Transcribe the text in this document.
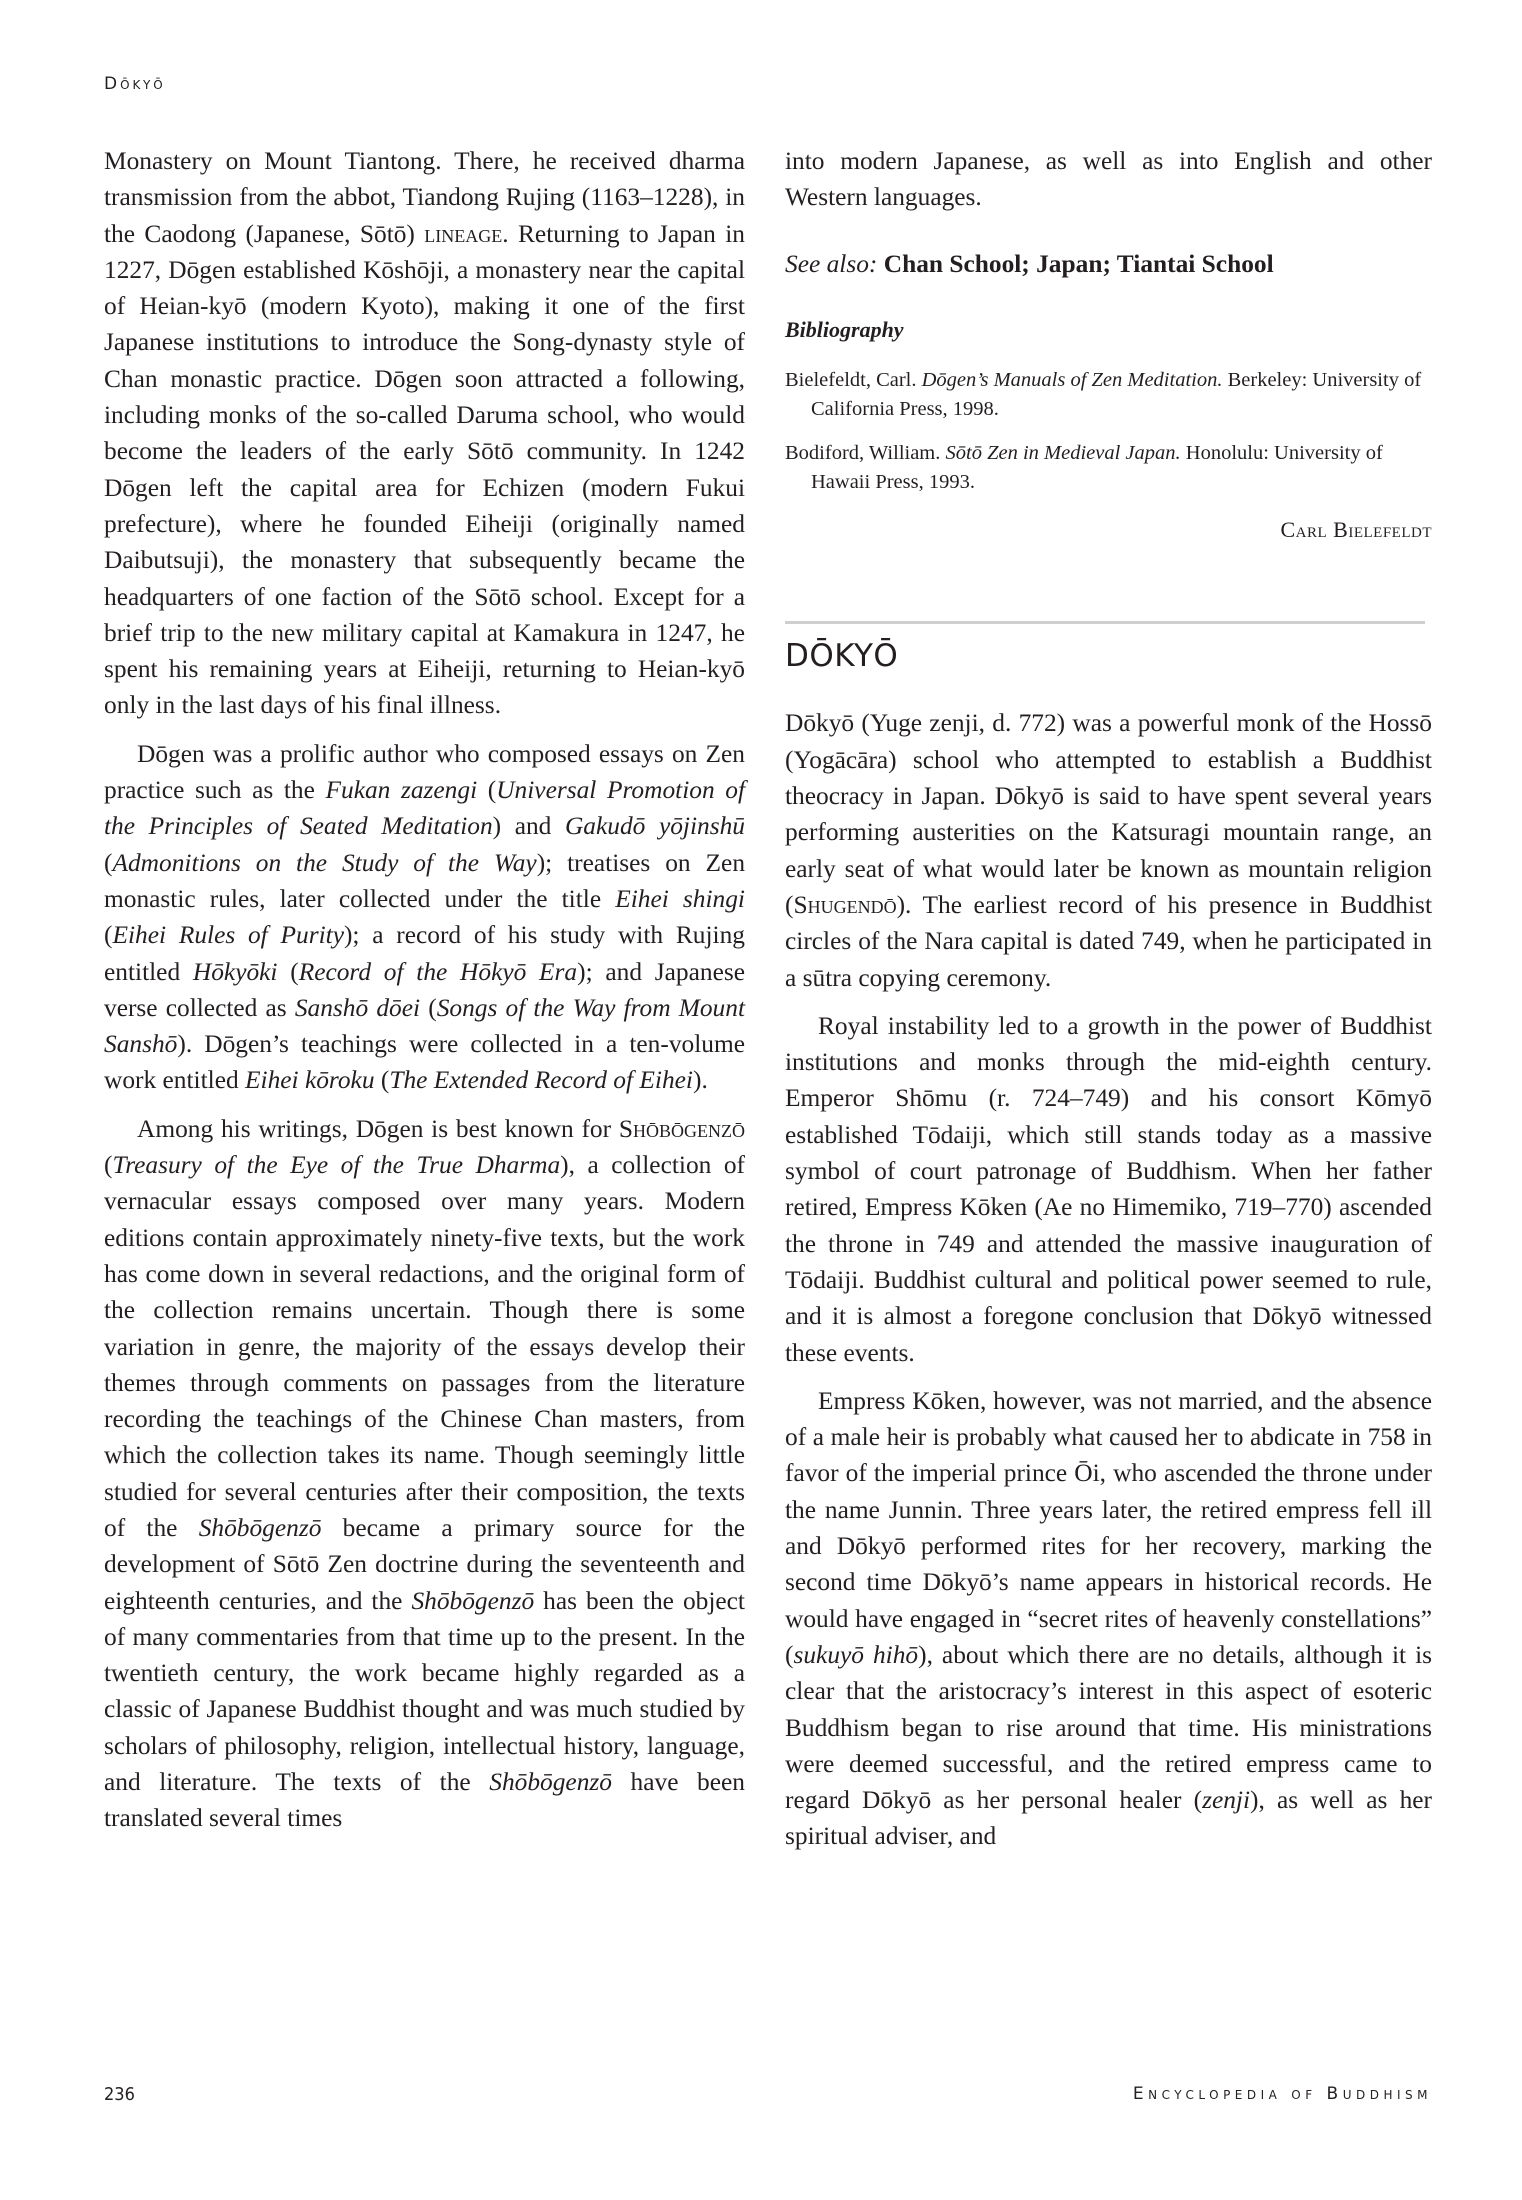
Dōkyō

Monastery on Mount Tiantong. There, he received dharma transmission from the abbot, Tiandong Rujing (1163–1228), in the Caodong (Japanese, Sōtō) lineage. Returning to Japan in 1227, Dōgen established Kōshōji, a monastery near the capital of Heian-kyō (modern Kyoto), making it one of the first Japanese institutions to introduce the Song-dynasty style of Chan monastic practice. Dōgen soon attracted a following, including monks of the so-called Daruma school, who would become the leaders of the early Sōtō community. In 1242 Dōgen left the capital area for Echizen (modern Fukui prefecture), where he founded Eiheiji (originally named Daibutsuji), the monastery that subsequently became the headquarters of one faction of the Sōtō school. Except for a brief trip to the new military capital at Kamakura in 1247, he spent his remaining years at Eiheiji, returning to Heian-kyō only in the last days of his final illness.

Dōgen was a prolific author who composed essays on Zen practice such as the Fukan zazengi (Universal Promotion of the Principles of Seated Meditation) and Gakudō yōjinshū (Admonitions on the Study of the Way); treatises on Zen monastic rules, later collected under the title Eihei shingi (Eihei Rules of Purity); a record of his study with Rujing entitled Hōkyōki (Record of the Hōkyō Era); and Japanese verse collected as Sanshō dōei (Songs of the Way from Mount Sanshō). Dōgen’s teachings were collected in a ten-volume work entitled Eihei kōroku (The Extended Record of Eihei).

Among his writings, Dōgen is best known for Shōbōgenzō (Treasury of the Eye of the True Dharma), a collection of vernacular essays composed over many years. Modern editions contain approximately ninety-five texts, but the work has come down in several redactions, and the original form of the collection remains uncertain. Though there is some variation in genre, the majority of the essays develop their themes through comments on passages from the literature recording the teachings of the Chinese Chan masters, from which the collection takes its name. Though seemingly little studied for several centuries after their composition, the texts of the Shōbōgenzō became a primary source for the development of Sōtō Zen doctrine during the seventeenth and eighteenth centuries, and the Shōbōgenzō has been the object of many commentaries from that time up to the present. In the twentieth century, the work became highly regarded as a classic of Japanese Buddhist thought and was much studied by scholars of philosophy, religion, intellectual history, language, and literature. The texts of the Shōbōgenzō have been translated several times

into modern Japanese, as well as into English and other Western languages.

See also: Chan School; Japan; Tiantai School

Bibliography

Bielefeldt, Carl. Dōgen’s Manuals of Zen Meditation. Berkeley: University of California Press, 1998.

Bodiford, William. Sōtō Zen in Medieval Japan. Honolulu: University of Hawaii Press, 1993.

Carl Bielefeldt

DŌKYŌ

Dōkyō (Yuge zenji, d. 772) was a powerful monk of the Hossō (Yogācāra) school who attempted to establish a Buddhist theocracy in Japan. Dōkyō is said to have spent several years performing austerities on the Katsuragi mountain range, an early seat of what would later be known as mountain religion (Shugendō). The earliest record of his presence in Buddhist circles of the Nara capital is dated 749, when he participated in a sūtra copying ceremony.

Royal instability led to a growth in the power of Buddhist institutions and monks through the mid-eighth century. Emperor Shōmu (r. 724–749) and his consort Kōmyō established Tōdaiji, which still stands today as a massive symbol of court patronage of Buddhism. When her father retired, Empress Kōken (Ae no Himemiko, 719–770) ascended the throne in 749 and attended the massive inauguration of Tōdaiji. Buddhist cultural and political power seemed to rule, and it is almost a foregone conclusion that Dōkyō witnessed these events.

Empress Kōken, however, was not married, and the absence of a male heir is probably what caused her to abdicate in 758 in favor of the imperial prince Ōi, who ascended the throne under the name Junnin. Three years later, the retired empress fell ill and Dōkyō performed rites for her recovery, marking the second time Dōkyō’s name appears in historical records. He would have engaged in “secret rites of heavenly constellations” (sukuyō hihō), about which there are no details, although it is clear that the aristocracy’s interest in this aspect of esoteric Buddhism began to rise around that time. His ministrations were deemed successful, and the retired empress came to regard Dōkyō as her personal healer (zenji), as well as her spiritual adviser, and

236	Encyclopedia of Buddhism
